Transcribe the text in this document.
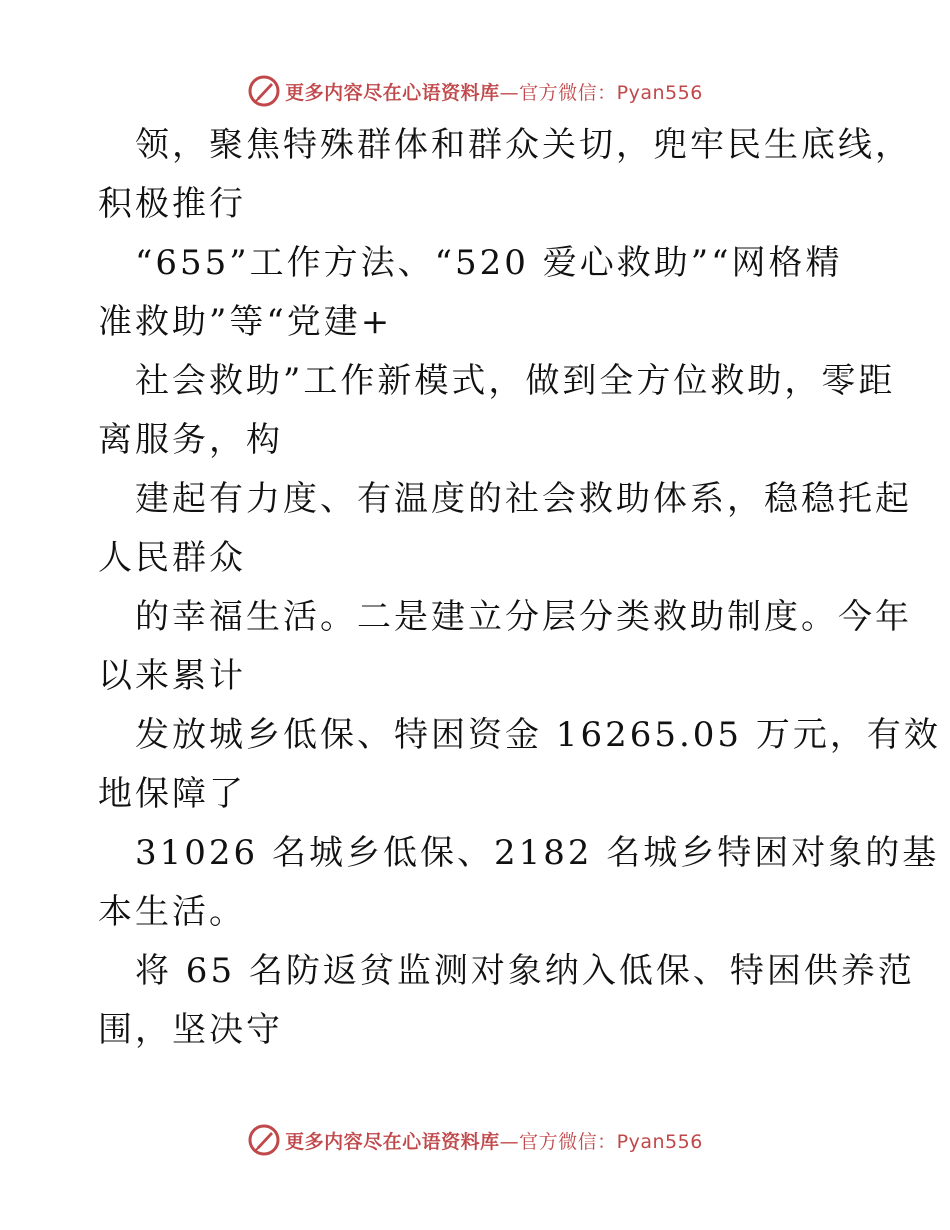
更多内容尽在心语资料库—官方微信：Pyan556
领，聚焦特殊群体和群众关切，兜牢民生底线，
积极推行
“655”工作方法、“520 爱心救助”“网格精
准救助”等“党建+
社会救助”工作新模式，做到全方位救助，零距
离服务，构
建起有力度、有温度的社会救助体系，稳稳托起
人民群众
的幸福生活。二是建立分层分类救助制度。今年
以来累计
发放城乡低保、特困资金 16265.05 万元，有效
地保障了
31026 名城乡低保、2182 名城乡特困对象的基
本生活。
将 65 名防返贫监测对象纳入低保、特困供养范
围，坚决守
更多内容尽在心语资料库—官方微信：Pyan556
